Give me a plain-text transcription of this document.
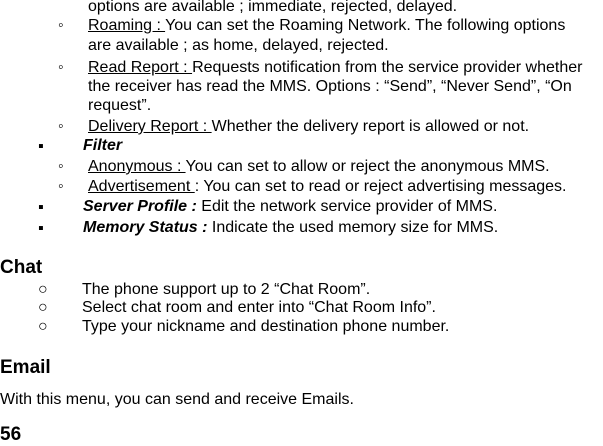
options are available ; immediate, rejected, delayed.
◦ Roaming : You can set the Roaming Network. The following options
are available ; as home, delayed, rejected.
◦ Read Report : Requests notification from the service provider whether
the receiver has read the MMS. Options : “Send”, “Never Send”, “On
request”.
◦ Delivery Report : Whether the delivery report is allowed or not.
▪ Filter
◦ Anonymous : You can set to allow or reject the anonymous MMS.
◦ Advertisement : You can set to read or reject advertising messages.
▪ Server Profile : Edit the network service provider of MMS.
▪ Memory Status : Indicate the used memory size for MMS.
Chat
○ The phone support up to 2 “Chat Room”.
○ Select chat room and enter into “Chat Room Info”.
○ Type your nickname and destination phone number.
Email
With this menu, you can send and receive Emails.
56
